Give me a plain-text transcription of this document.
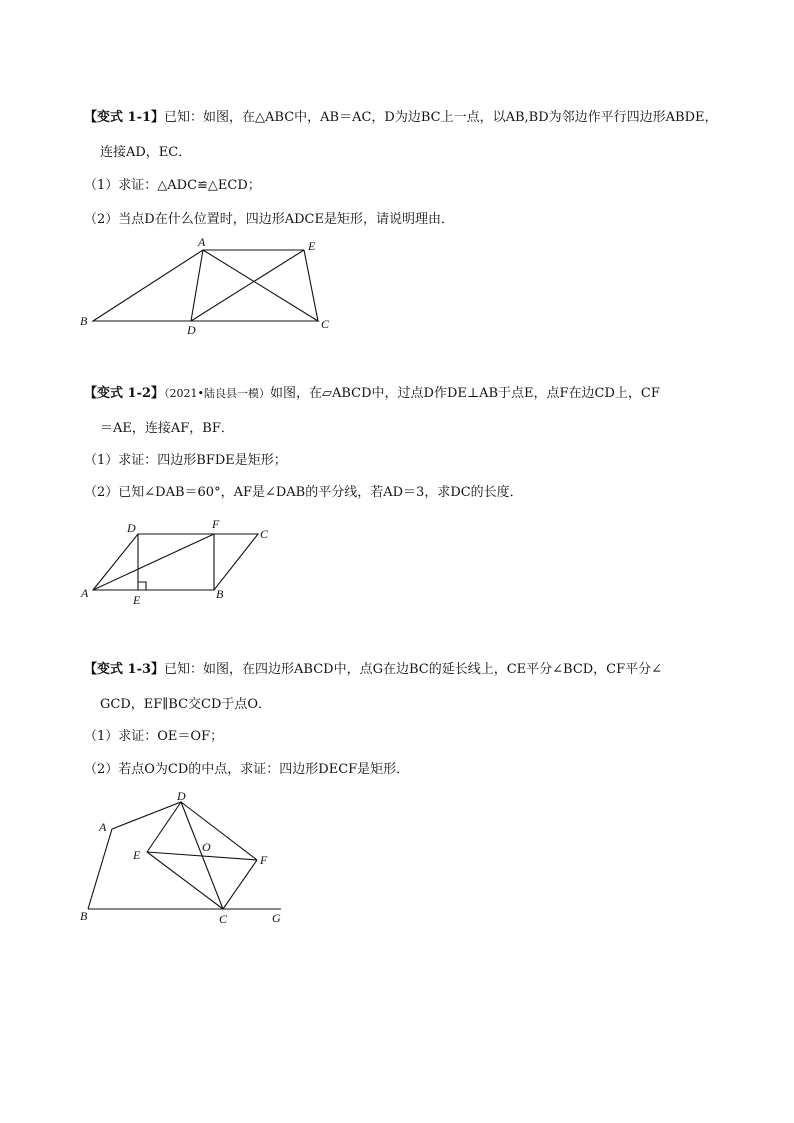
【变式 1-1】已知：如图，在△ABC中，AB＝AC，D为边BC上一点，以AB,BD为邻边作平行四边形ABDE，
连接AD，EC．
（1）求证：△ADC≌△ECD；
（2）当点D在什么位置时，四边形ADCE是矩形，请说明理由．
A	E
B
D	C
【变式 1-2】（2021•陆良县一模）如图，在▱ABCD中，过点D作DE⊥AB于点E，点F在边CD上，CF
＝AE，连接AF，BF．
（1）求证：四边形BFDE是矩形；
（2）已知∠DAB＝60°，AF是∠DAB的平分线，若AD＝3，求DC的长度．
D	F
C
A	E	B
【变式 1-3】已知：如图，在四边形ABCD中，点G在边BC的延长线上，CE平分∠BCD，CF平分∠
GCD，EF∥BC交CD于点O．
（1）求证：OE＝OF；
（2）若点O为CD的中点，求证：四边形DECF是矩形．
D
A
E
O
F
B	C	G
